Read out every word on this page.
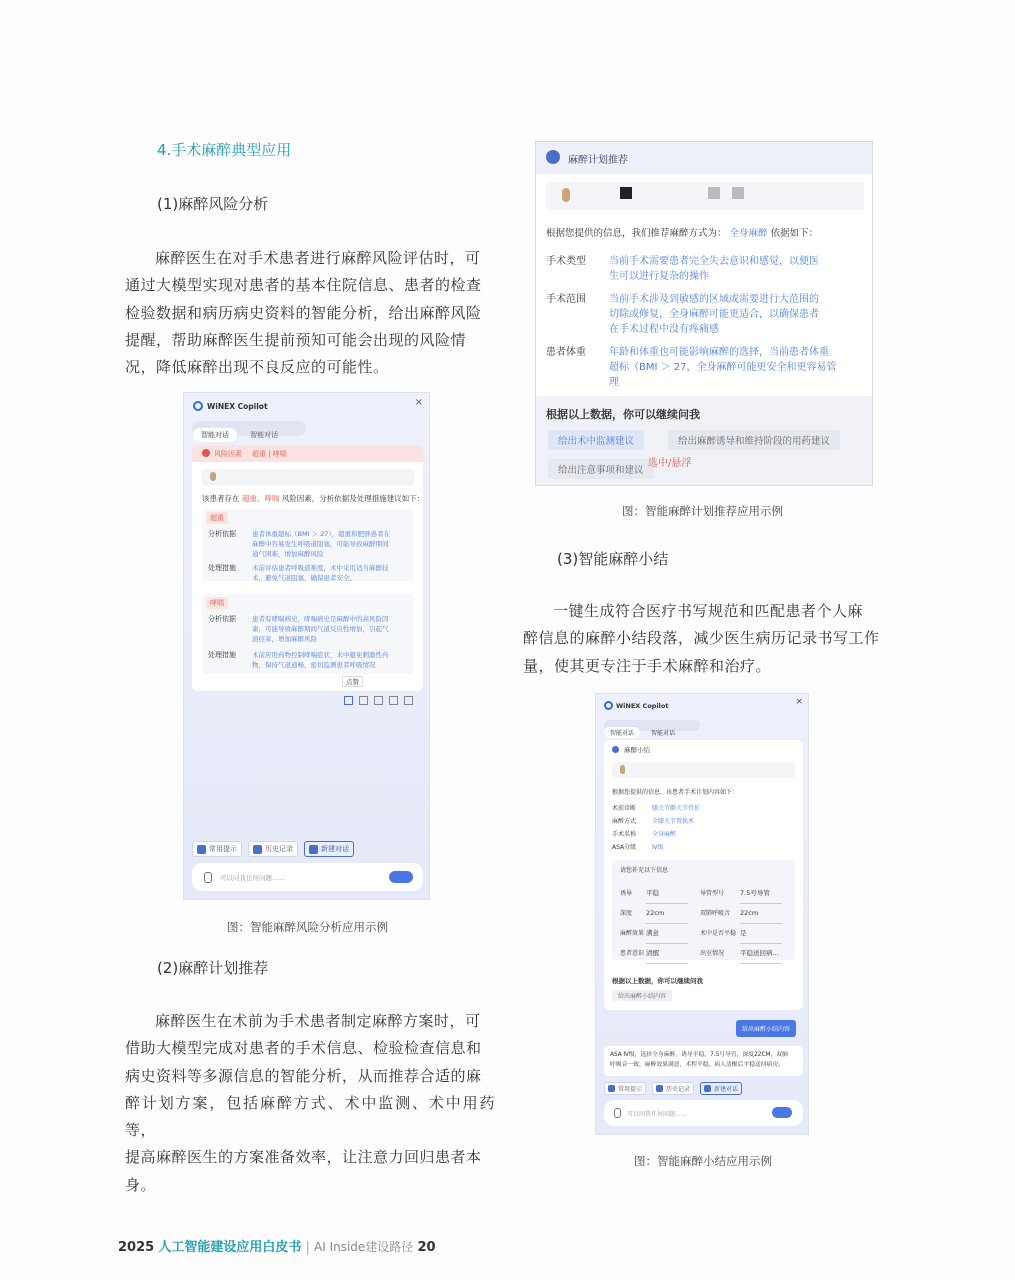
4.手术麻醉典型应用
(1)麻醉风险分析
麻醉医生在对手术患者进行麻醉风险评估时，可
通过大模型实现对患者的基本住院信息、患者的检查
检验数据和病历病史资料的智能分析，给出麻醉风险
提醒，帮助麻醉医生提前预知可能会出现的风险情
况，降低麻醉出现不良反应的可能性。
WiNEX Copilot	×
智能对话	智能对话
风险因素 超重 | 哮喘
该患者存在 超重、哮喘 风险因素，分析依据及处理措施建议如下：
超重
分析依据 患者体重超标（BMI ＞ 27），超重和肥胖患者在
麻醉中容易发生呼吸道阻塞，可能导致麻醉期间
通气困难，增加麻醉风险
处理措施 术前评估患者呼吸道难度，术中采用适当麻醉技
术，避免气道阻塞，确保患者安全。
哮喘
分析依据 患者有哮喘病史，哮喘病史是麻醉中的高风险因
素，可能导致麻醉期间气道反应性增加，引起气
道痉挛，增加麻醉风险
处理措施 术前应用药物控制哮喘症状，术中避免刺激性药
物，保持气道通畅，密切监测患者呼吸情况
点赞
常用提示	历史记录	新建对话
可以问我任何问题......
图：智能麻醉风险分析应用示例
(2)麻醉计划推荐
麻醉医生在术前为手术患者制定麻醉方案时，可
借助大模型完成对患者的手术信息、检验检查信息和
病史资料等多源信息的智能分析，从而推荐合适的麻
醉计划方案，包括麻醉方式、术中监测、术中用药等，
提高麻醉医生的方案准备效率，让注意力回归患者本
身。
麻醉计划推荐
根据您提供的信息，我们推荐麻醉方式为： 全身麻醉 依据如下：
手术类型 当前手术需要患者完全失去意识和感觉，以便医
生可以进行复杂的操作
手术范围 当前手术涉及到敏感的区域或需要进行大范围的
切除或修复，全身麻醉可能更适合，以确保患者
在手术过程中没有疼痛感
患者体重 年龄和体重也可能影响麻醉的选择，当前患者体重
超标（BMI ＞ 27，全身麻醉可能更安全和更容易管
理
根据以上数据，你可以继续问我
给出术中监测建议	给出麻醉诱导和维持阶段的用药建议
给出注意事项和建议
选中/悬浮
图：智能麻醉计划推荐应用示例
(3)智能麻醉小结
一键生成符合医疗书写规范和匹配患者个人麻
醉信息的麻醉小结段落，减少医生病历记录书写工作
量，使其更专注于手术麻醉和治疗。
WiNEX Copilot	×
智能对话	智能对话
麻醉小结
根据您提供的信息，该患者手术计划内容如下：
术前诊断	膝关节髌关节骨折
麻醉方式	全膝关节置换术
手术名称	全身麻醉
ASA分级	Ⅳ级
请您补充以下信息
诱导 平稳	导管型号 7.5号导管
深度 22cm	双肺呼吸音 22cm
麻醉效果 满意	术中是否平稳 是
患者意识 清醒	出室情况 平稳送回病...
根据以上数据，你可以继续问我
给出麻醉小结内容
给出麻醉小结内容
ASA Ⅳ级，选择全身麻醉，诱导平稳，7.5号导管，深度22CM，双肺
呼吸音一致，麻醉效果满意，术程平稳，病人清醒后平稳送回病房。
常用提示	历史记录	新建对话
可以问我任何问题......
图：智能麻醉小结应用示例
2025 人工智能建设应用白皮书 | AI Inside建设路径 20
